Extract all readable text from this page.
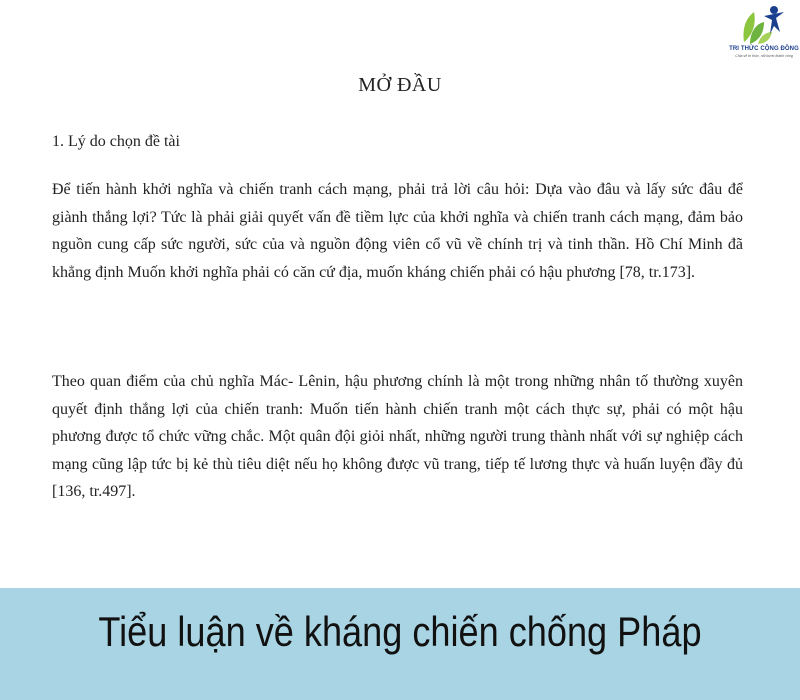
TRI THỨC CỘNG ĐỒNG
Chia sẻ tri thức, nối bước thành công
MỞ ĐẦU
1. Lý do chọn đề tài

Để tiến hành khởi nghĩa và chiến tranh cách mạng, phải trả lời câu hỏi: Dựa vào đâu và lấy sức đâu để giành thắng lợi? Tức là phải giải quyết vấn đề tiềm lực của khởi nghĩa và chiến tranh cách mạng, đảm bảo nguồn cung cấp sức người, sức của và nguồn động viên cổ vũ về chính trị và tinh thần. Hồ Chí Minh đã khẳng định Muốn khởi nghĩa phải có căn cứ địa, muốn kháng chiến phải có hậu phương [78, tr.173].

Theo quan điểm của chủ nghĩa Mác- Lênin, hậu phương chính là một trong những nhân tố thường xuyên quyết định thắng lợi của chiến tranh: Muốn tiến hành chiến tranh một cách thực sự, phải có một hậu phương được tổ chức vững chắc. Một quân đội giỏi nhất, những người trung thành nhất với sự nghiệp cách mạng cũng lập tức bị kẻ thù tiêu diệt nếu họ không được vũ trang, tiếp tế lương thực và huấn luyện đầy đủ [136, tr.497].

Tiểu luận về kháng chiến chống Pháp
